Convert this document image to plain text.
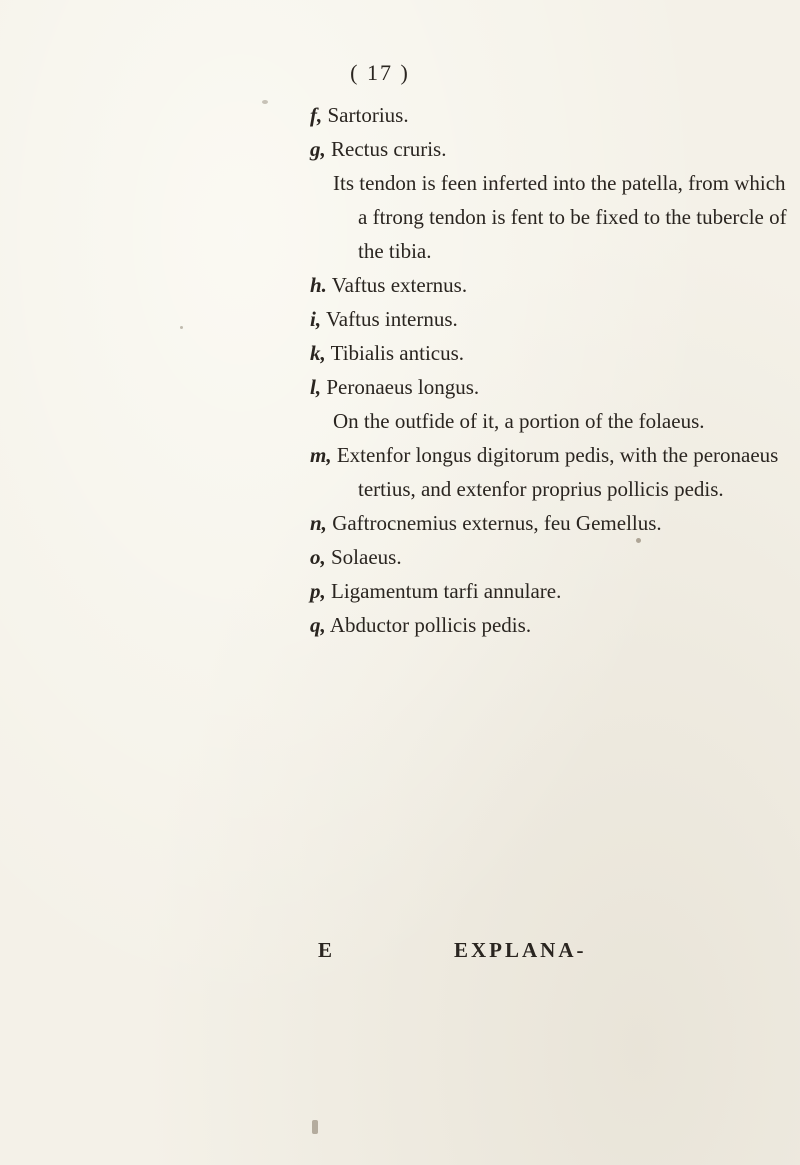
( 17 )
f, Sartorius.
g, Rectus cruris.
Its tendon is feen inferted into the patella, from which
a ftrong tendon is fent to be fixed to the tubercle of
the tibia.
h. Vaftus externus.
i, Vaftus internus.
k, Tibialis anticus.
l, Peronaeus longus.
On the outfide of it, a portion of the folaeus.
m, Extenfor longus digitorum pedis, with the peronaeus
tertius, and extenfor proprius pollicis pedis.
n, Gaftrocnemius externus, feu Gemellus.
o, Solaeus.
p, Ligamentum tarfi annulare.
q, Abductor pollicis pedis.
E	EXPLANA-
